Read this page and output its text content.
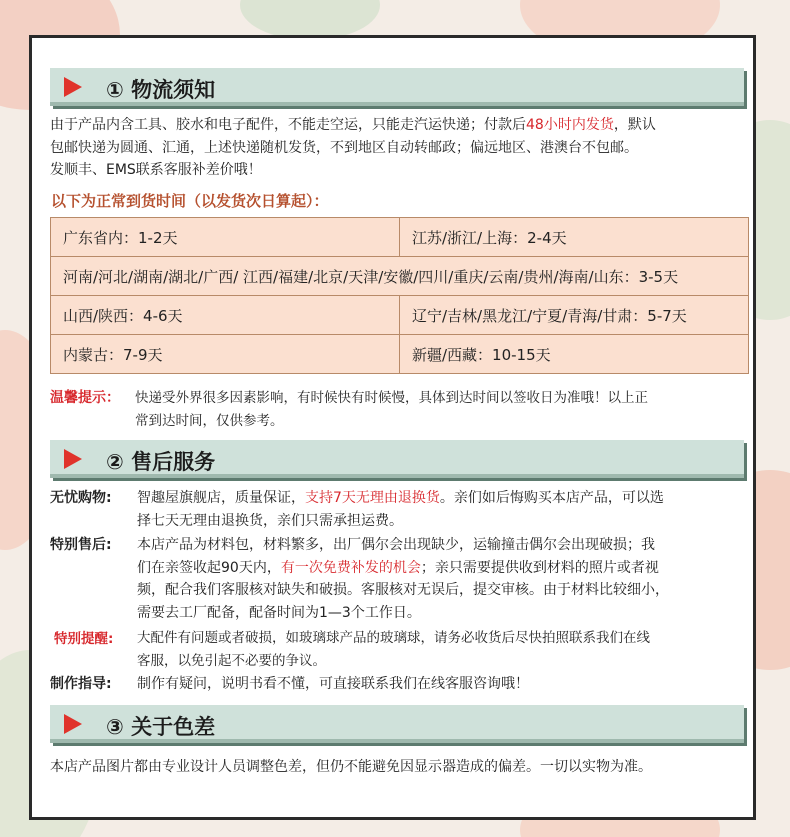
① 物流须知
由于产品内含工具、胶水和电子配件，不能走空运，只能走汽运快递；付款后48小时内发货，默认
包邮快递为圆通、汇通，上述快递随机发货，不到地区自动转邮政；偏远地区、港澳台不包邮。
发顺丰、EMS联系客服补差价哦！
以下为正常到货时间（以发货次日算起）：
广东省内：1-2天	江苏/浙江/上海：2-4天
河南/河北/湖南/湖北/广西/ 江西/福建/北京/天津/安徽/四川/重庆/云南/贵州/海南/山东：3-5天	
山西/陕西：4-6天	辽宁/吉林/黑龙江/宁夏/青海/甘肃：5-7天
内蒙古：7-9天	新疆/西藏：10-15天
温馨提示： 快递受外界很多因素影响，有时候快有时候慢，具体到达时间以签收日为准哦！以上正
常到达时间，仅供参考。
② 售后服务
无忧购物: 智趣屋旗舰店，质量保证，支持7天无理由退换货。亲们如后悔购买本店产品，可以选
择七天无理由退换货，亲们只需承担运费。
特别售后: 本店产品为材料包，材料繁多，出厂偶尔会出现缺少，运输撞击偶尔会出现破损；我
们在亲签收起90天内，有一次免费补发的机会；亲只需要提供收到材料的照片或者视
频，配合我们客服核对缺失和破损。客服核对无误后，提交审核。由于材料比较细小，
需要去工厂配备，配备时间为1—3个工作日。
特别提醒: 大配件有问题或者破损，如玻璃球产品的玻璃球，请务必收货后尽快拍照联系我们在线
客服，以免引起不必要的争议。
制作指导: 制作有疑问，说明书看不懂，可直接联系我们在线客服咨询哦！
③ 关于色差
本店产品图片都由专业设计人员调整色差，但仍不能避免因显示器造成的偏差。一切以实物为准。
